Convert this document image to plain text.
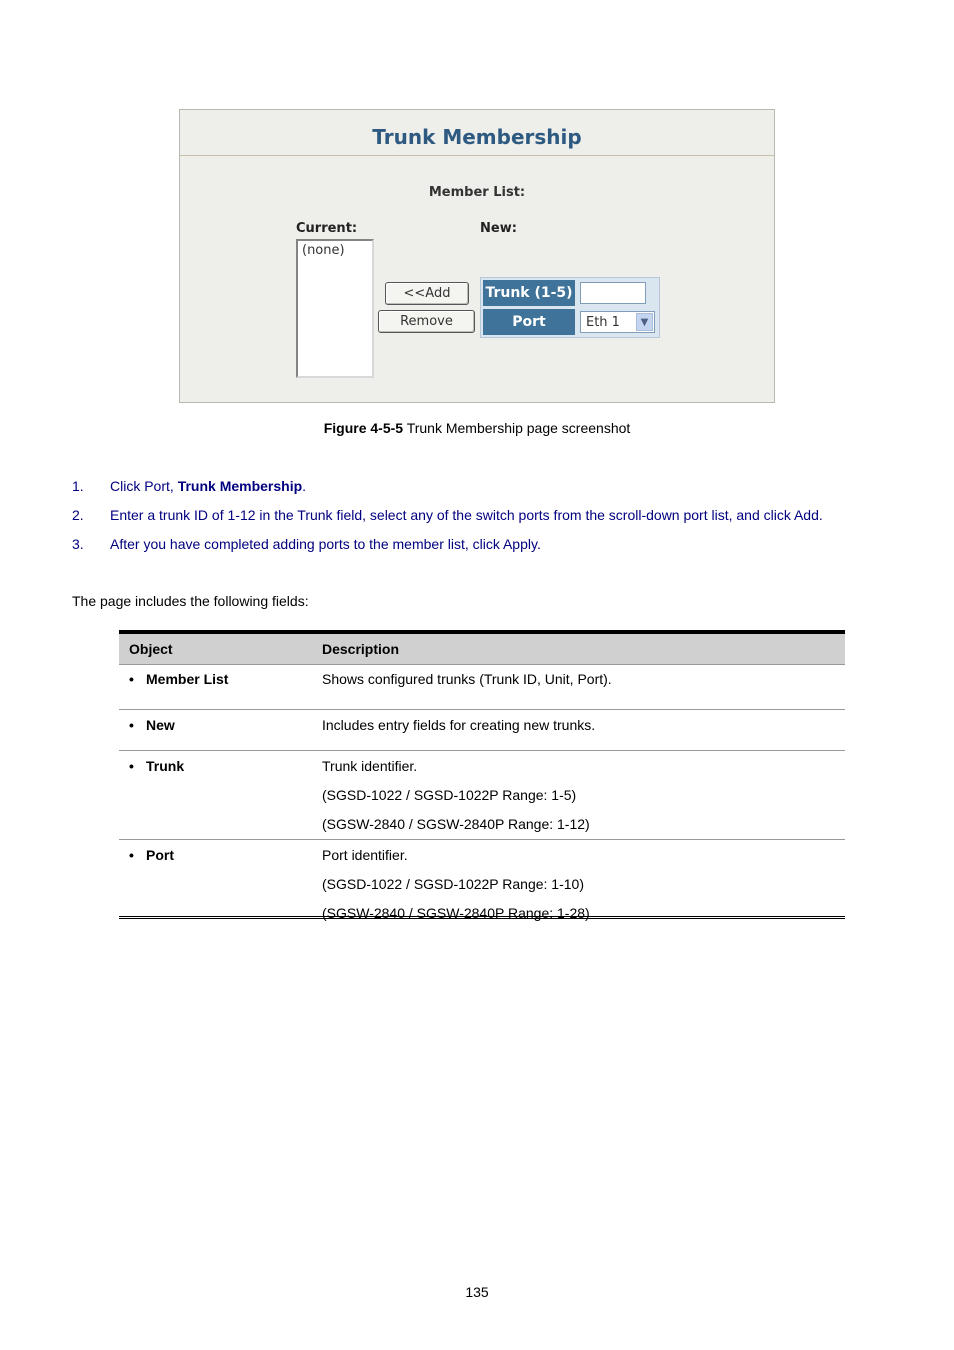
Trunk Membership
Member List:
Current:	New:
(none)
<<Add
Remove
Trunk (1-5)
Port	Eth 1	▼
Figure 4-5-5 Trunk Membership page screenshot
1. Click Port, Trunk Membership.
2. Enter a trunk ID of 1-12 in the Trunk field, select any of the switch ports from the scroll-down port list, and click Add.
3. After you have completed adding ports to the member list, click Apply.
The page includes the following fields:
Object	Description
• Member List	Shows configured trunks (Trunk ID, Unit, Port).

• New	Includes entry fields for creating new trunks.

• Trunk	Trunk identifier.
(SGSD-1022 / SGSD-1022P Range: 1-5)
(SGSW-2840 / SGSW-2840P Range: 1-12)

• Port	Port identifier.
(SGSD-1022 / SGSD-1022P Range: 1-10)
(SGSW-2840 / SGSW-2840P Range: 1-28)
135
